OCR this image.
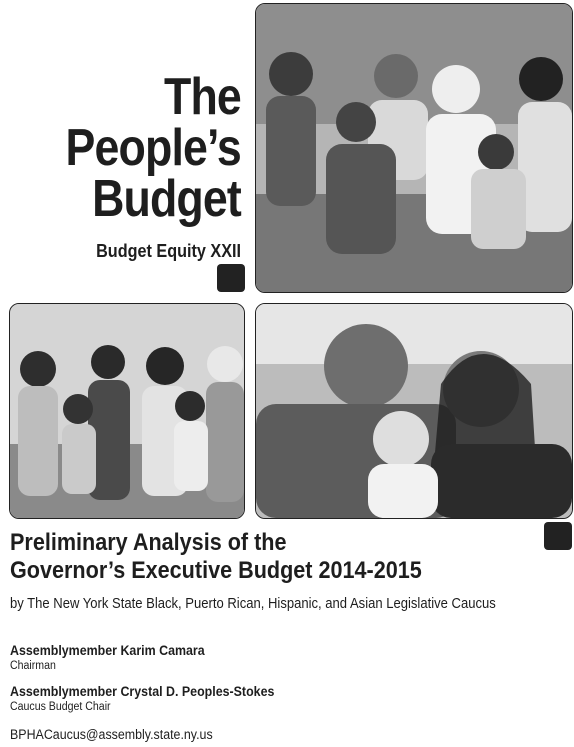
The
People’s
Budget
Budget Equity XXII
Preliminary Analysis of the
Governor’s Executive Budget 2014-2015
by The New York State Black, Puerto Rican, Hispanic, and Asian Legislative Caucus
Assemblymember Karim Camara
Chairman
Assemblymember Crystal D. Peoples-Stokes
Caucus Budget Chair
BPHACaucus@assembly.state.ny.us
